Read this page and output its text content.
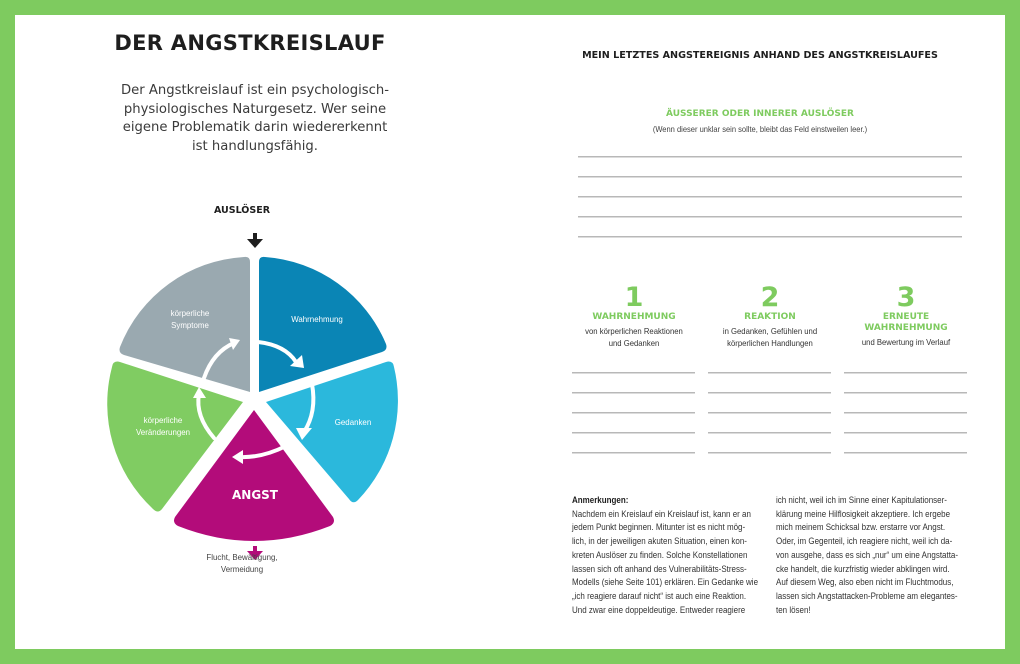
DER ANGSTKREISLAUF
Der Angstkreislauf ist ein psychologisch-
physiologisches Naturgesetz. Wer seine
eigene Problematik darin wiedererkennt
ist handlungsfähig.
AUSLÖSER
körperliche
Symptome
Wahrnehmung
Gedanken
körperliche
Veränderungen
ANGST
Flucht, Bewältigung,
Vermeidung
MEIN LETZTES ANGSTEREIGNIS ANHAND DES ANGSTKREISLAUFES
ÄUSSERER ODER INNERER AUSLÖSER
(Wenn dieser unklar sein sollte, bleibt das Feld einstweilen leer.)
1
WAHRNEHMUNG
von körperlichen Reaktionen
und Gedanken
2
REAKTION
in Gedanken, Gefühlen und
körperlichen Handlungen
3
ERNEUTE
WAHRNEHMUNG
und Bewertung im Verlauf
Anmerkungen:
Nachdem ein Kreislauf ein Kreislauf ist, kann er an
jedem Punkt beginnen. Mitunter ist es nicht mög-
lich, in der jeweiligen akuten Situation, einen kon-
kreten Auslöser zu finden. Solche Konstellationen
lassen sich oft anhand des Vulnerabilitäts-Stress-
Modells (siehe Seite 101) erklären. Ein Gedanke wie
„ich reagiere darauf nicht“ ist auch eine Reaktion.
Und zwar eine doppeldeutige. Entweder reagiere
ich nicht, weil ich im Sinne einer Kapitulationser-
klärung meine Hilflosigkeit akzeptiere. Ich ergebe
mich meinem Schicksal bzw. erstarre vor Angst.
Oder, im Gegenteil, ich reagiere nicht, weil ich da-
von ausgehe, dass es sich „nur“ um eine Angstatta-
cke handelt, die kurzfristig wieder abklingen wird.
Auf diesem Weg, also eben nicht im Fluchtmodus,
lassen sich Angstattacken-Probleme am elegantes-
ten lösen!
